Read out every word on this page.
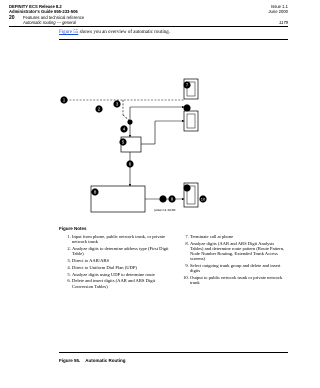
DEFINITY ECS Release 8.2
Administrator's Guide 555-233-506
Issue 1.1
June 2000
20 Features and technical reference
Automatic routing — general	1179
Figure 55 shows you an overview of automatic routing.
1
2
3
4
5
6
7
8
9	10
pcdfasr CJL 101398
Figure Notes
1. Input from phone, public network trunk, or private network trunk
2. Analyze digits to determine address type (First Digit Table)
3. Direct to AAR/ARS
4. Direct to Uniform Dial Plan (UDP)
5. Analyze digits using UDP to determine route
6. Delete and insert digits (AAR and ARS Digit Conversion Tables)
7. Terminate call at phone
8. Analyze digits (AAR and ARS Digit Analysis Tables) and determine route pattern (Route Pattern, Node Number Routing, Extended Trunk Access screens)
9. Select outgoing trunk group and delete and insert digits
10. Output to public network trunk or private network trunk
Figure 55. Automatic Routing
